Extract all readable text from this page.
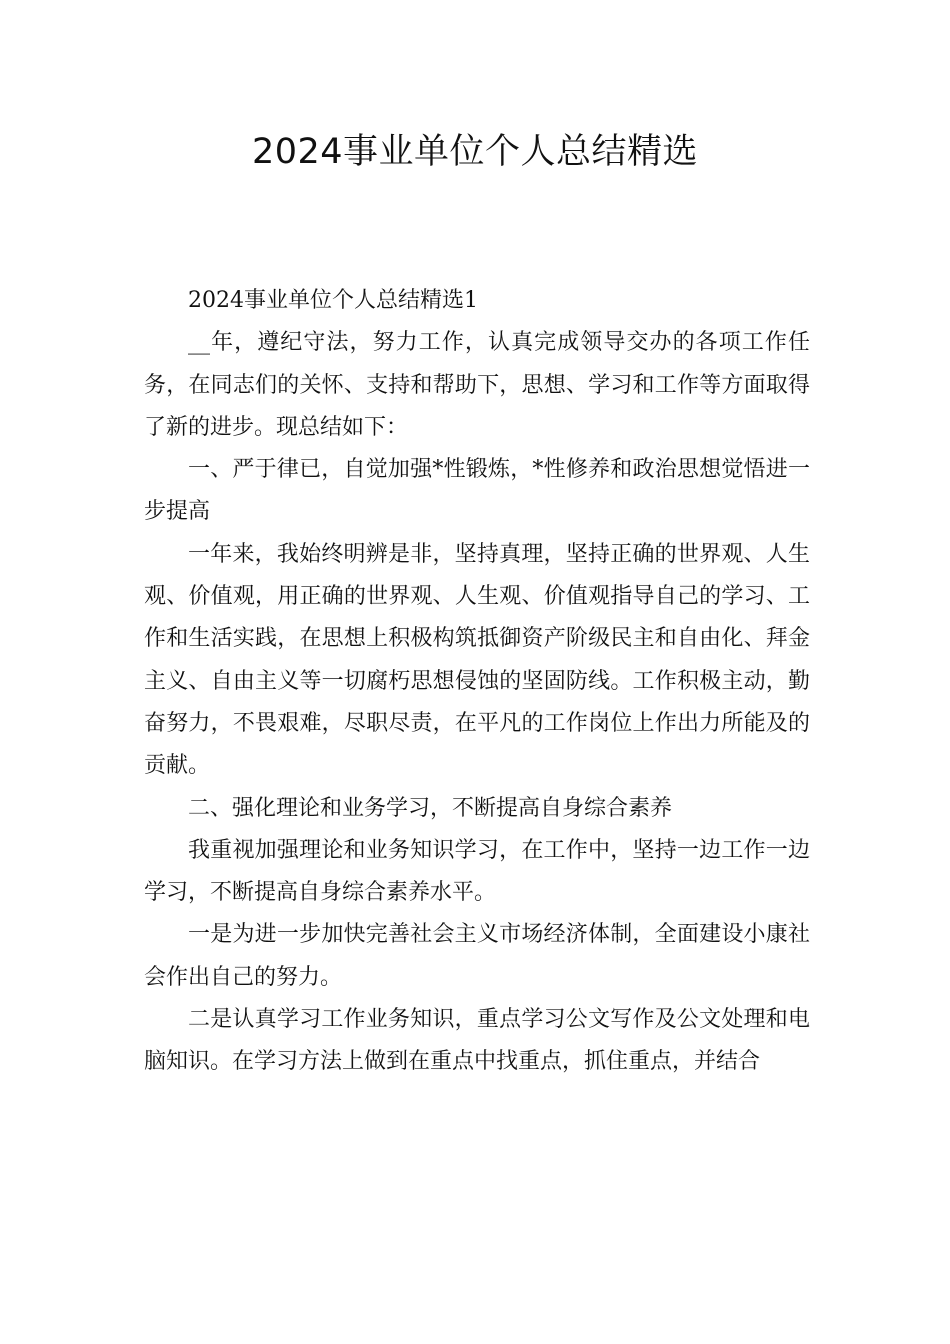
2024事业单位个人总结精选

2024事业单位个人总结精选1

__年，遵纪守法，努力工作，认真完成领导交办的各项工作任务，在同志们的关怀、支持和帮助下，思想、学习和工作等方面取得了新的进步。现总结如下：

一、严于律已，自觉加强*性锻炼，*性修养和政治思想觉悟进一步提高

一年来，我始终明辨是非，坚持真理，坚持正确的世界观、人生观、价值观，用正确的世界观、人生观、价值观指导自己的学习、工作和生活实践，在思想上积极构筑抵御资产阶级民主和自由化、拜金主义、自由主义等一切腐朽思想侵蚀的坚固防线。工作积极主动，勤奋努力，不畏艰难，尽职尽责，在平凡的工作岗位上作出力所能及的贡献。

二、强化理论和业务学习，不断提高自身综合素养

我重视加强理论和业务知识学习，在工作中，坚持一边工作一边学习，不断提高自身综合素养水平。

一是为进一步加快完善社会主义市场经济体制，全面建设小康社会作出自己的努力。

二是认真学习工作业务知识，重点学习公文写作及公文处理和电脑知识。在学习方法上做到在重点中找重点，抓住重点，并结合
